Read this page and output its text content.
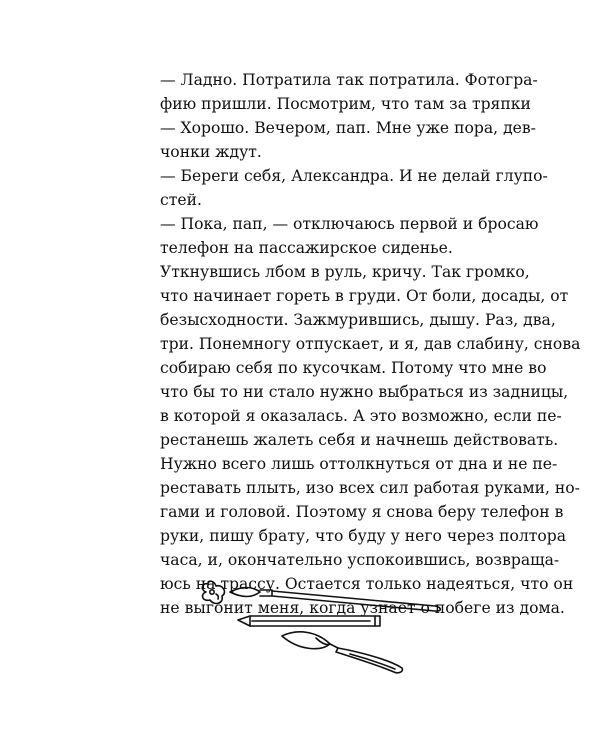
— Ладно. Потратила так потратила. Фотогра-
фию пришли. Посмотрим, что там за тряпки

— Хорошо. Вечером, пап. Мне уже пора, дев-
чонки ждут.

— Береги себя, Александра. И не делай глупо-
стей.

— Пока, пап, — отключаюсь первой и бросаю
телефон на пассажирское сиденье.

Уткнувшись лбом в руль, кричу. Так громко,
что начинает гореть в груди. От боли, досады, от
безысходности. Зажмурившись, дышу. Раз, два,
три. Понемногу отпускает, и я, дав слабину, снова
собираю себя по кусочкам. Потому что мне во
что бы то ни стало нужно выбраться из задницы,
в которой я оказалась. А это возможно, если пе-
рестанешь жалеть себя и начнешь действовать.
Нужно всего лишь оттолкнуться от дна и не пе-
реставать плыть, изо всех сил работая руками, но-
гами и головой. Поэтому я снова беру телефон в
руки, пишу брату, что буду у него через полтора
часа, и, окончательно успокоившись, возвраща-
юсь на трассу. Остается только надеяться, что он
не выгонит меня, когда узнает о побеге из дома.
